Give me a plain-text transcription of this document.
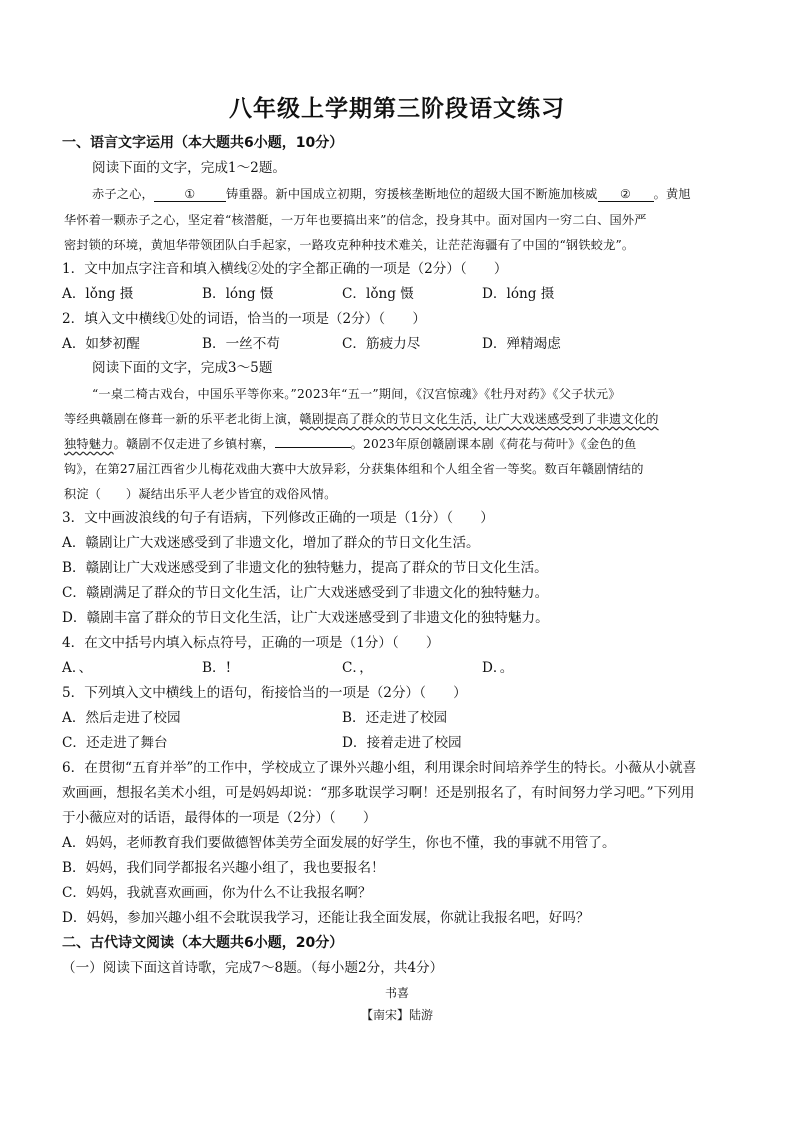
八年级上学期第三阶段语文练习
一、语言文字运用（本大题共6小题，10分）
阅读下面的文字，完成1～2题。
赤子之心， ① 铸重器。新中国成立初期，穷援核垄断地位的超级大国不断施加核威 ② 。黄旭
华怀着一颗赤子之心，坚定着“核潜艇，一万年也要搞出来”的信念，投身其中。面对国内一穷二白、国外严
密封锁的环境，黄旭华带领团队白手起家，一路攻克种种技术难关，让茫茫海疆有了中国的“钢铁蛟龙”。
1．文中加点字注音和填入横线②处的字全都正确的一项是（2分）（　　）
A．lǒng 摄	B．lóng 慑	C．lǒng 慑	D．lóng 摄
2．填入文中横线①处的词语，恰当的一项是（2分）（　　）
A．如梦初醒	B．一丝不苟	C．筋疲力尽	D．殚精竭虑
阅读下面的文字，完成3～5题
“一桌二椅古戏台，中国乐平等你来。”2023年“五一”期间，《汉宫惊魂》《牡丹对药》《父子状元》
等经典赣剧在修葺一新的乐平老北街上演，赣剧提高了群众的节日文化生活，让广大戏迷感受到了非遗文化的
独特魅力。赣剧不仅走进了乡镇村寨，	。2023年原创赣剧课本剧《荷花与荷叶》《金色的鱼
钩》，在第27届江西省少儿梅花戏曲大赛中大放异彩，分获集体组和个人组全省一等奖。数百年赣剧情结的
积淀（　　）凝结出乐平人老少皆宜的戏俗风情。
3．文中画波浪线的句子有语病，下列修改正确的一项是（1分）（　　）
A．赣剧让广大戏迷感受到了非遗文化，增加了群众的节日文化生活。
B．赣剧让广大戏迷感受到了非遗文化的独特魅力，提高了群众的节日文化生活。
C．赣剧满足了群众的节日文化生活，让广大戏迷感受到了非遗文化的独特魅力。
D．赣剧丰富了群众的节日文化生活，让广大戏迷感受到了非遗文化的独特魅力。
4．在文中括号内填入标点符号，正确的一项是（1分）（　　）
A．、	B．!	C．，	D．。
5．下列填入文中横线上的语句，衔接恰当的一项是（2分）（　　）
A．然后走进了校园	B．还走进了校园
C．还走进了舞台	D．接着走进了校园
6．在贯彻“五育并举”的工作中，学校成立了课外兴趣小组，利用课余时间培养学生的特长。小薇从小就喜
欢画画，想报名美术小组，可是妈妈却说：“那多耽误学习啊！还是别报名了，有时间努力学习吧。”下列用
于小薇应对的话语，最得体的一项是（2分）（　　）
A．妈妈，老师教育我们要做德智体美劳全面发展的好学生，你也不懂，我的事就不用管了。
B．妈妈，我们同学都报名兴趣小组了，我也要报名！
C．妈妈，我就喜欢画画，你为什么不让我报名啊？
D．妈妈，参加兴趣小组不会耽误我学习，还能让我全面发展，你就让我报名吧，好吗？
二、古代诗文阅读（本大题共6小题，20分）
（一）阅读下面这首诗歌，完成7～8题。（每小题2分，共4分）
书喜
【南宋】陆游
